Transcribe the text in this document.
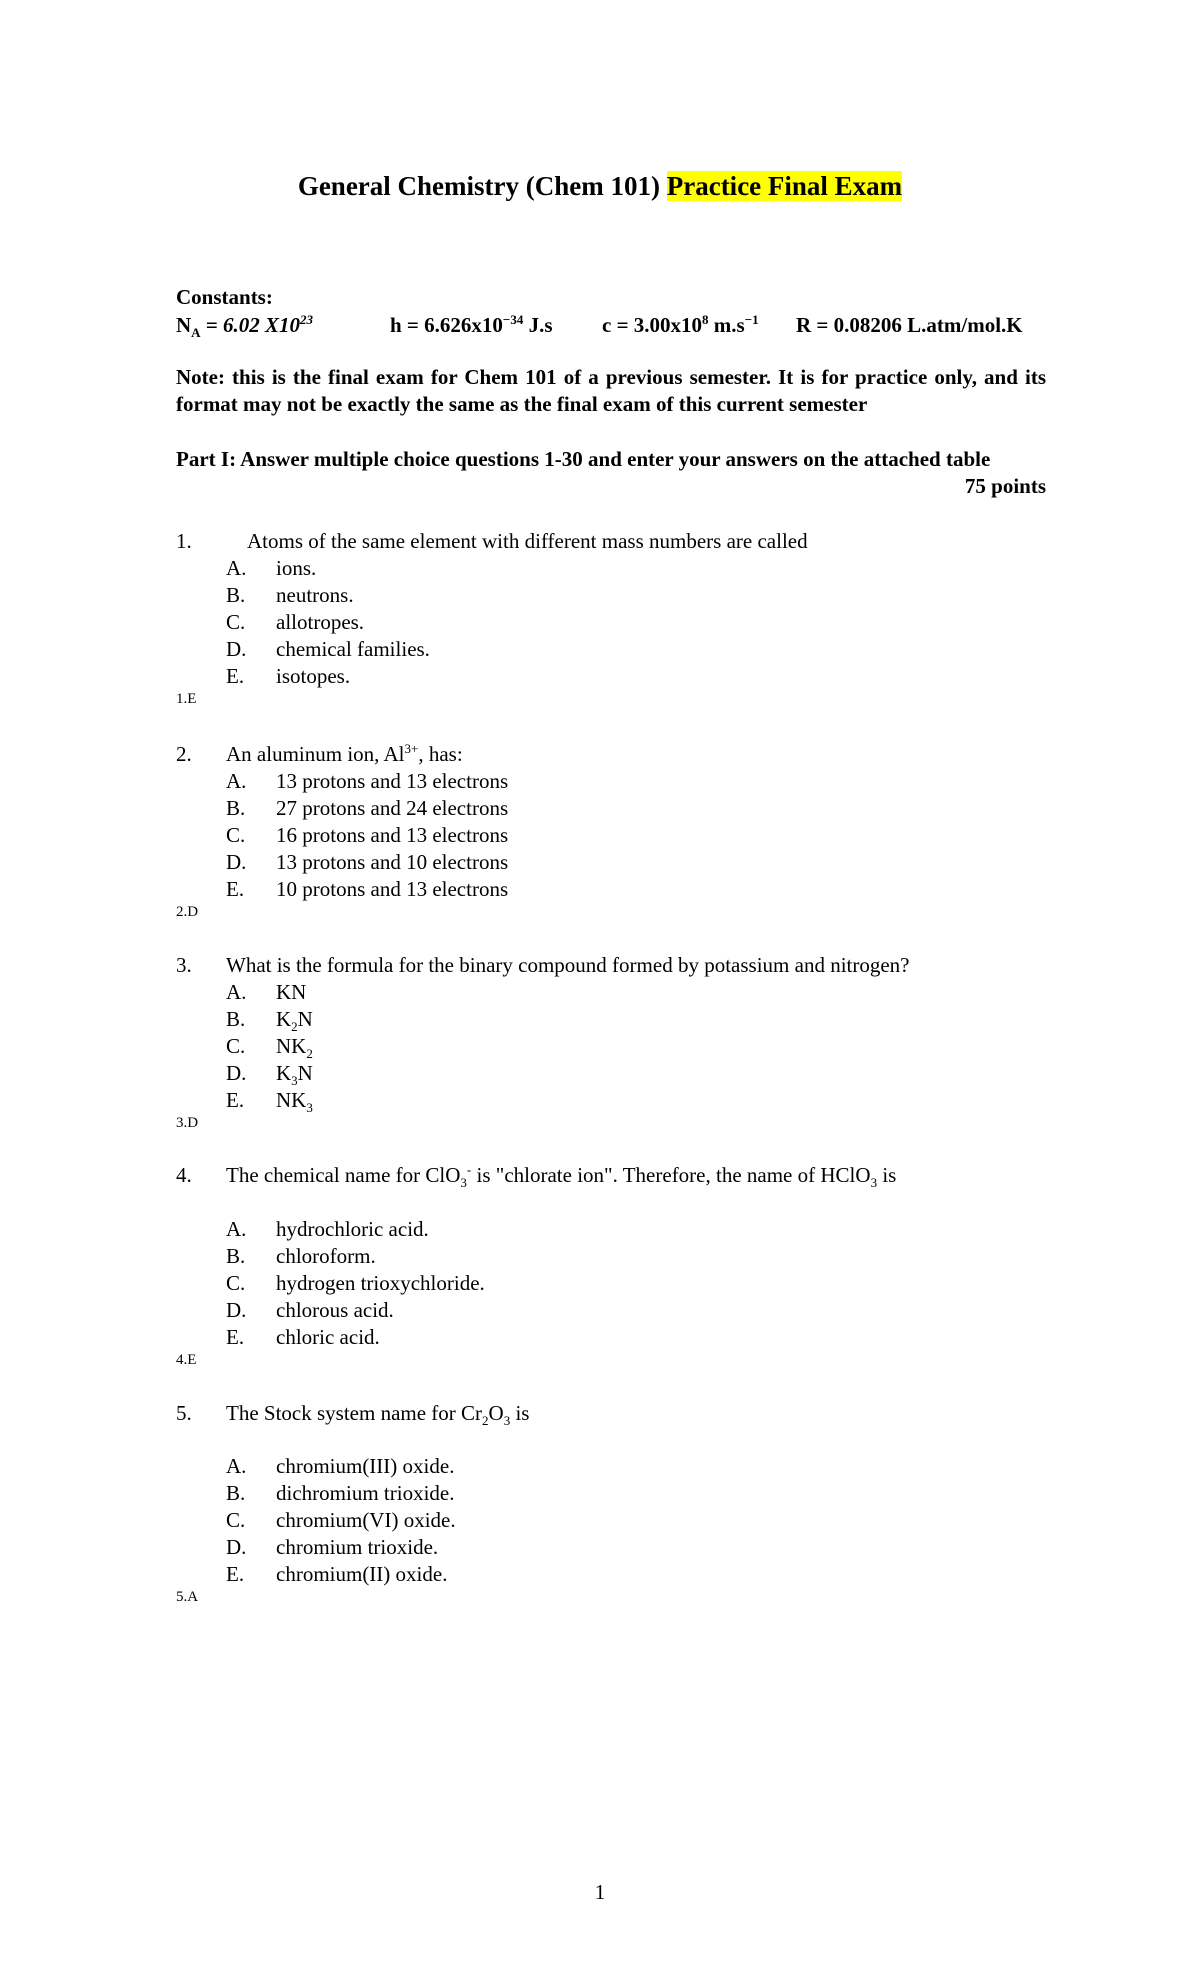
General Chemistry (Chem 101) Practice Final Exam
Constants:
$N_A = 6.02$ $X10^{23}$	$h = 6.626x10^{-34}$ J.s $c = 3.00x10^8$ $m.s^{-1}$ R = 0.08206 L.atm/mol.K
Note: this is the final exam for Chem 101 of a previous semester. It is for practice only, and its format may not be exactly the same as the final exam of this current semester
Part I: Answer multiple choice questions 1-30 and enter your answers on the attached table
75 points
1.	Atoms of the same element with different mass numbers are called
A. ions.
B. neutrons.
C. allotropes.
D. chemical families.
E. isotopes.
1.E
2. An aluminum ion, $Al^{3+}$, has:
A. 13 protons and 13 electrons
B. 27 protons and 24 electrons
C. 16 protons and 13 electrons
D. 13 protons and 10 electrons
E. 10 protons and 13 electrons
2.D
3. What is the formula for the binary compound formed by potassium and nitrogen?
A. KN
B. $K_2N$
C. $NK_2$
D. $K_3N$
E. $NK_3$
3.D
4. The chemical name for ClO$_3$- is "chlorate ion". Therefore, the name of HClO$_3$ is
A. hydrochloric acid.
B. chloroform.
C. hydrogen trioxychloride.
D. chlorous acid.
E. chloric acid.
4.E
5. The Stock system name for $Cr_2O_3$ is
A. chromium(III) oxide.
B. dichromium trioxide.
C. chromium(VI) oxide.
D. chromium trioxide.
E. chromium(II) oxide.
5.A
1
